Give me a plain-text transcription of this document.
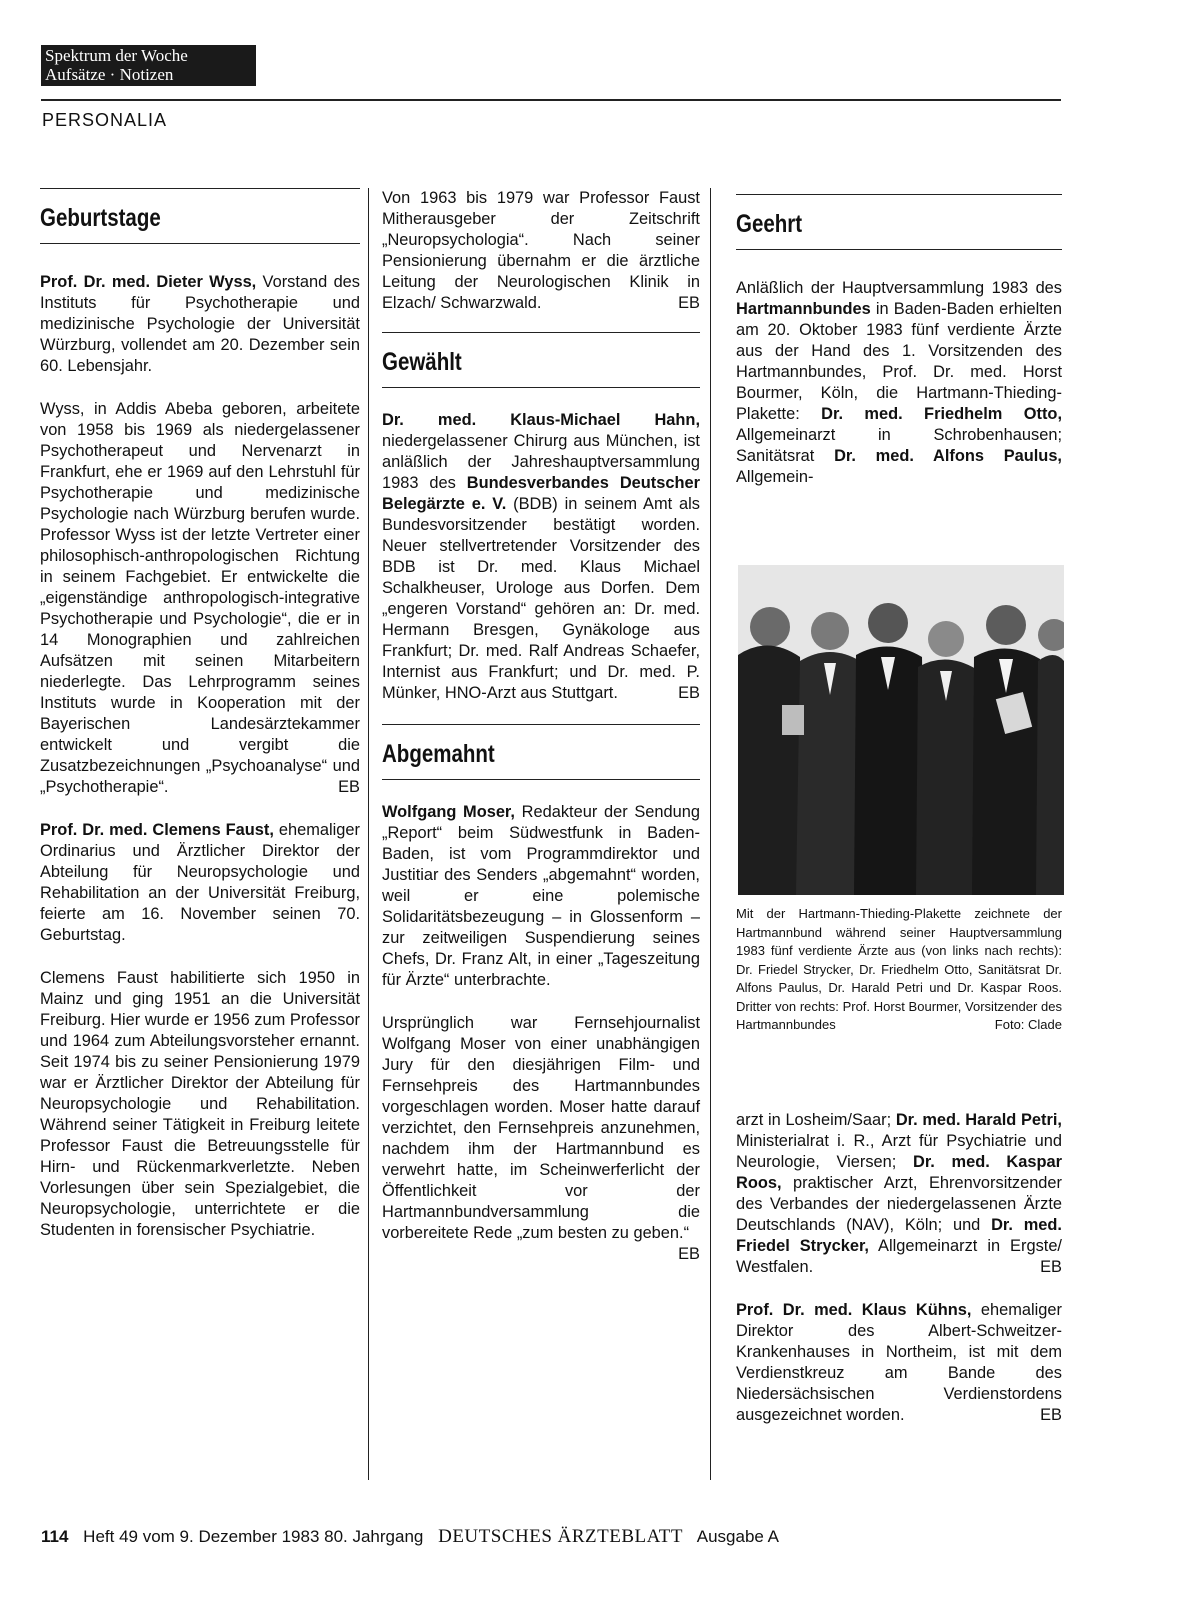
Spektrum der Woche
Aufsätze · Notizen
PERSONALIA
Geburtstage

Prof. Dr. med. Dieter Wyss, Vorstand des Instituts für Psychotherapie und medizinische Psychologie der Universität Würzburg, vollendet am 20. Dezember sein 60. Lebensjahr.

Wyss, in Addis Abeba geboren, arbeitete von 1958 bis 1969 als niedergelassener Psychotherapeut und Nervenarzt in Frankfurt, ehe er 1969 auf den Lehrstuhl für Psychotherapie und medizinische Psychologie nach Würzburg berufen wurde. Professor Wyss ist der letzte Vertreter einer philosophisch-anthropologischen Richtung in seinem Fachgebiet. Er entwickelte die „eigenständige anthropologisch-integrative Psychotherapie und Psychologie“, die er in 14 Monographien und zahlreichen Aufsätzen mit seinen Mitarbeitern niederlegte. Das Lehrprogramm seines Instituts wurde in Kooperation mit der Bayerischen Landesärztekammer entwickelt und vergibt die Zusatzbezeichnungen „Psychoanalyse“ und „Psychotherapie“.	EB

Prof. Dr. med. Clemens Faust, ehemaliger Ordinarius und Ärztlicher Direktor der Abteilung für Neuropsychologie und Rehabilitation an der Universität Freiburg, feierte am 16. November seinen 70. Geburtstag.

Clemens Faust habilitierte sich 1950 in Mainz und ging 1951 an die Universität Freiburg. Hier wurde er 1956 zum Professor und 1964 zum Abteilungsvorsteher ernannt. Seit 1974 bis zu seiner Pensionierung 1979 war er Ärztlicher Direktor der Abteilung für Neuropsychologie und Rehabilitation. Während seiner Tätigkeit in Freiburg leitete Professor Faust die Betreuungsstelle für Hirn- und Rückenmarkverletzte. Neben Vorlesungen über sein Spezialgebiet, die Neuropsychologie, unterrichtete er die Studenten in forensischer Psychiatrie.

Von 1963 bis 1979 war Professor Faust Mitherausgeber der Zeitschrift „Neuropsychologia“. Nach seiner Pensionierung übernahm er die ärztliche Leitung der Neurologischen Klinik in Elzach/ Schwarzwald.	EB

Gewählt

Dr. med. Klaus-Michael Hahn, niedergelassener Chirurg aus München, ist anläßlich der Jahreshauptversammlung 1983 des Bundesverbandes Deutscher Belegärzte e. V. (BDB) in seinem Amt als Bundesvorsitzender bestätigt worden. Neuer stellvertretender Vorsitzender des BDB ist Dr. med. Klaus Michael Schalkheuser, Urologe aus Dorfen. Dem „engeren Vorstand“ gehören an: Dr. med. Hermann Bresgen, Gynäkologe aus Frankfurt; Dr. med. Ralf Andreas Schaefer, Internist aus Frankfurt; und Dr. med. P. Münker, HNO-Arzt aus Stuttgart.	EB

Abgemahnt

Wolfgang Moser, Redakteur der Sendung „Report“ beim Südwestfunk in Baden-Baden, ist vom Programmdirektor und Justitiar des Senders „abgemahnt“ worden, weil er eine polemische Solidaritätsbezeugung – in Glossenform – zur zeitweiligen Suspendierung seines Chefs, Dr. Franz Alt, in einer „Tageszeitung für Ärzte“ unterbrachte.

Ursprünglich war Fernsehjournalist Wolfgang Moser von einer unabhängigen Jury für den diesjährigen Film- und Fernsehpreis des Hartmannbundes vorgeschlagen worden. Moser hatte darauf verzichtet, den Fernsehpreis anzunehmen, nachdem ihm der Hartmannbund es verwehrt hatte, im Scheinwerferlicht der Öffentlichkeit vor der Hartmannbundversammlung die vorbereitete Rede „zum besten zu geben.“
EB

Geehrt

Anläßlich der Hauptversammlung 1983 des Hartmannbundes in Baden-Baden erhielten am 20. Oktober 1983 fünf verdiente Ärzte aus der Hand des 1. Vorsitzenden des Hartmannbundes, Prof. Dr. med. Horst Bourmer, Köln, die Hartmann-Thieding-Plakette: Dr. med. Friedhelm Otto, Allgemeinarzt in Schrobenhausen; Sanitätsrat Dr. med. Alfons Paulus, Allgemein-

Mit der Hartmann-Thieding-Plakette zeichnete der Hartmannbund während seiner Hauptversammlung 1983 fünf verdiente Ärzte aus (von links nach rechts): Dr. Friedel Strycker, Dr. Friedhelm Otto, Sanitätsrat Dr. Alfons Paulus, Dr. Harald Petri und Dr. Kaspar Roos. Dritter von rechts: Prof. Horst Bourmer, Vorsitzender des Hartmannbundes	Foto: Clade

arzt in Losheim/Saar; Dr. med. Harald Petri, Ministerialrat i. R., Arzt für Psychiatrie und Neurologie, Viersen; Dr. med. Kaspar Roos, praktischer Arzt, Ehrenvorsitzender des Verbandes der niedergelassenen Ärzte Deutschlands (NAV), Köln; und Dr. med. Friedel Strycker, Allgemeinarzt in Ergste/ Westfalen.	EB

Prof. Dr. med. Klaus Kühns, ehemaliger Direktor des Albert-Schweitzer-Krankenhauses in Northeim, ist mit dem Verdienstkreuz am Bande des Niedersächsischen Verdienstordens ausgezeichnet worden.	EB

114 Heft 49 vom 9. Dezember 1983 80. Jahrgang DEUTSCHES ÄRZTEBLATT Ausgabe A
